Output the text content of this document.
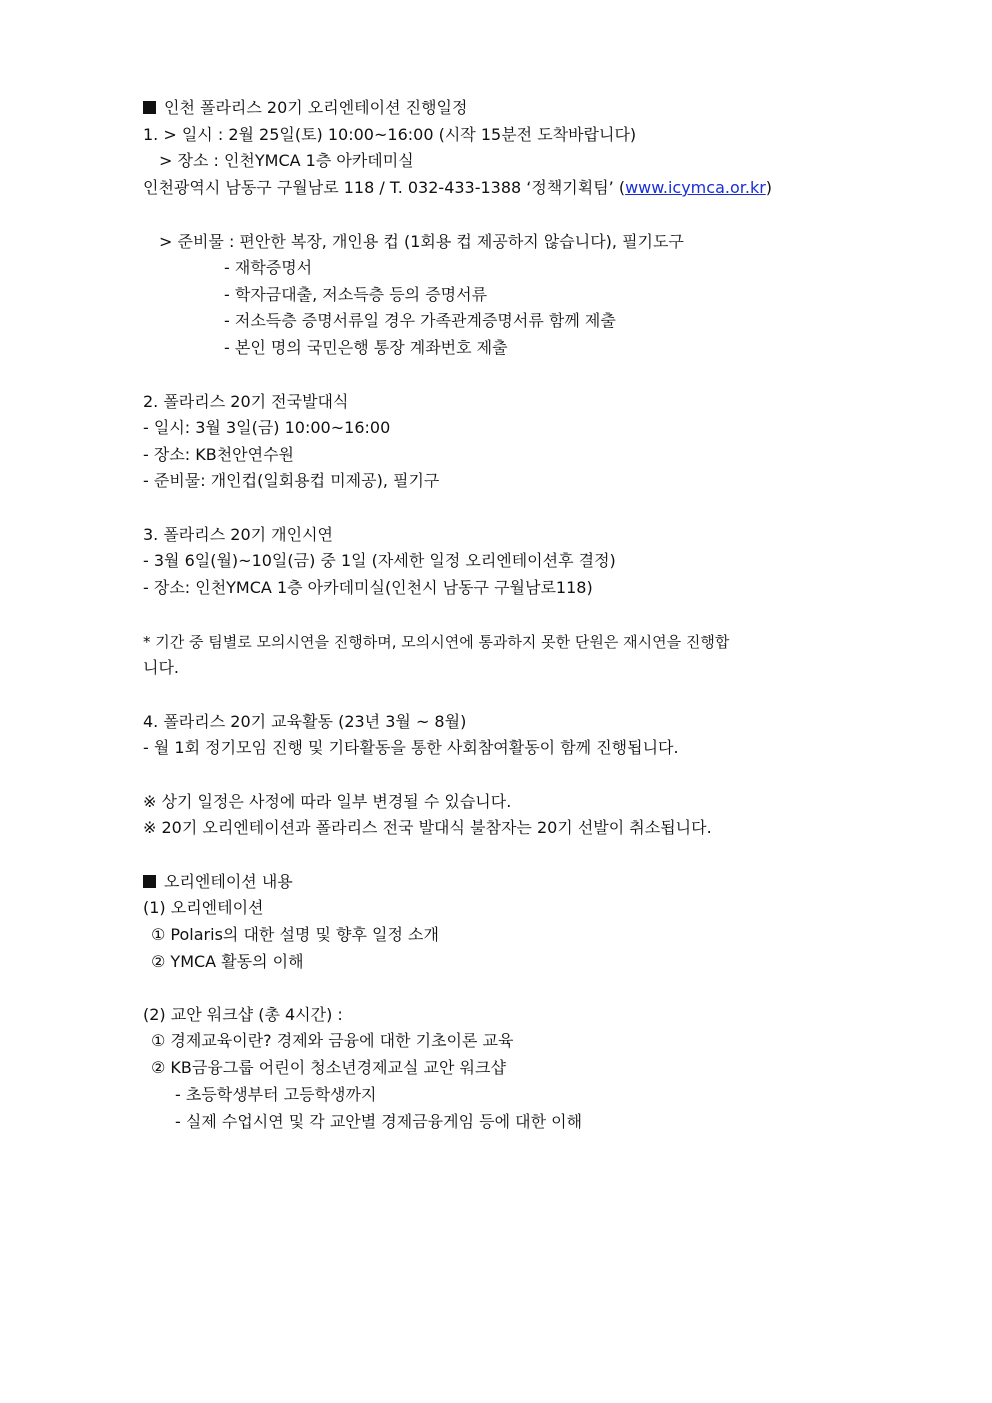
인천 폴라리스 20기 오리엔테이션 진행일정
1. > 일시 : 2월 25일(토) 10:00~16:00 (시작 15분전 도착바랍니다)
> 장소 : 인천YMCA 1층 아카데미실
인천광역시 남동구 구월남로 118 / T. 032-433-1388 ‘정책기획팀’ (www.icymca.or.kr)
> 준비물 : 편안한 복장, 개인용 컵 (1회용 컵 제공하지 않습니다), 필기도구
- 재학증명서
- 학자금대출, 저소득층 등의 증명서류
- 저소득층 증명서류일 경우 가족관계증명서류 함께 제출
- 본인 명의 국민은행 통장 계좌번호 제출
2. 폴라리스 20기 전국발대식
- 일시: 3월 3일(금) 10:00~16:00
- 장소: KB천안연수원
- 준비물: 개인컵(일회용컵 미제공), 필기구
3. 폴라리스 20기 개인시연
- 3월 6일(월)~10일(금) 중 1일 (자세한 일정 오리엔테이션후 결정)
- 장소: 인천YMCA 1층 아카데미실(인천시 남동구 구월남로118)
* 기간 중 팀별로 모의시연을 진행하며, 모의시연에 통과하지 못한 단원은 재시연을 진행합
니다.
4. 폴라리스 20기 교육활동 (23년 3월 ~ 8월)
- 월 1회 정기모임 진행 및 기타활동을 통한 사회참여활동이 함께 진행됩니다.
※ 상기 일정은 사정에 따라 일부 변경될 수 있습니다.
※ 20기 오리엔테이션과 폴라리스 전국 발대식 불참자는 20기 선발이 취소됩니다.
오리엔테이션 내용
(1) 오리엔테이션
① Polaris의 대한 설명 및 향후 일정 소개
② YMCA 활동의 이해
(2) 교안 워크샵 (총 4시간) :
① 경제교육이란? 경제와 금융에 대한 기초이론 교육
② KB금융그룹 어린이 청소년경제교실 교안 워크샵
- 초등학생부터 고등학생까지
- 실제 수업시연 및 각 교안별 경제금융게임 등에 대한 이해
